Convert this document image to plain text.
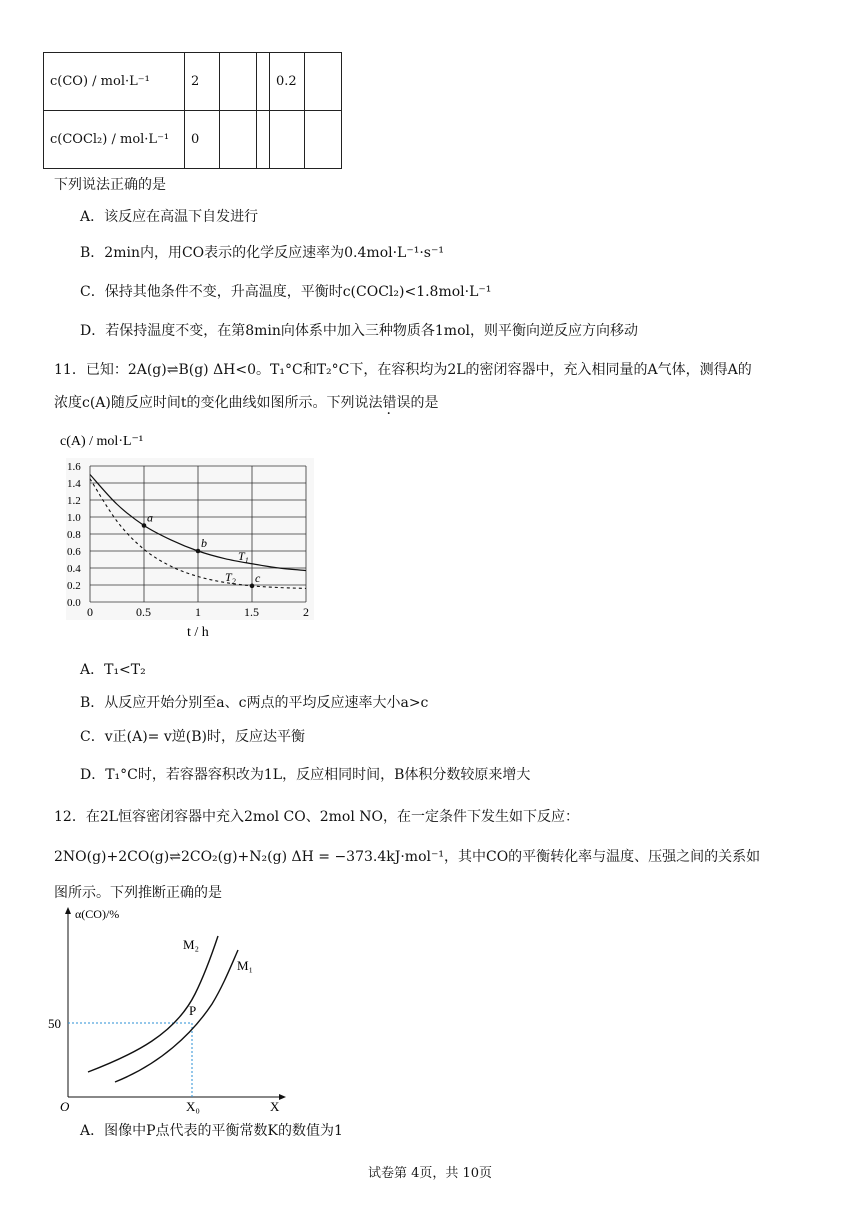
c(CO) / mol·L⁻¹	2			0.2	
c(COCl₂) / mol·L⁻¹	0				
下列说法正确的是
A．该反应在高温下自发进行
B．2min内，用CO表示的化学反应速率为0.4mol·L⁻¹·s⁻¹
C．保持其他条件不变，升高温度，平衡时c(COCl₂)<1.8mol·L⁻¹
D．若保持温度不变，在第8min向体系中加入三种物质各1mol，则平衡向逆反应方向移动
11．已知：2A(g)⇌B(g) ΔH<0。T₁°C和T₂°C下，在容积均为2L的密闭容器中，充入相同量的A气体，测得A的
浓度c(A)随反应时间t的变化曲线如图所示。下列说法错误的是
c(A) / mol·L⁻¹
0.0
0.2
0.4
0.6
0.8
1.0
1.2
1.4
1.6
0	0.5	1	1.5	2
a
b
c
$T_1$
$T_2$
t / h
A．T₁<T₂
B．从反应开始分别至a、c两点的平均反应速率大小a>c
C．v正(A)= v逆(B)时，反应达平衡
D．T₁°C时，若容器容积改为1L，反应相同时间，B体积分数较原来增大
12．在2L恒容密闭容器中充入2mol CO、2mol NO，在一定条件下发生如下反应：
2NO(g)+2CO(g)⇌2CO₂(g)+N₂(g) ΔH = −373.4kJ·mol⁻¹，其中CO的平衡转化率与温度、压强之间的关系如
图所示。下列推断正确的是
α(CO)/%
X
O
50
X₀
M₂
M₁
P
A．图像中P点代表的平衡常数K的数值为1
试卷第 4页，共 10页
